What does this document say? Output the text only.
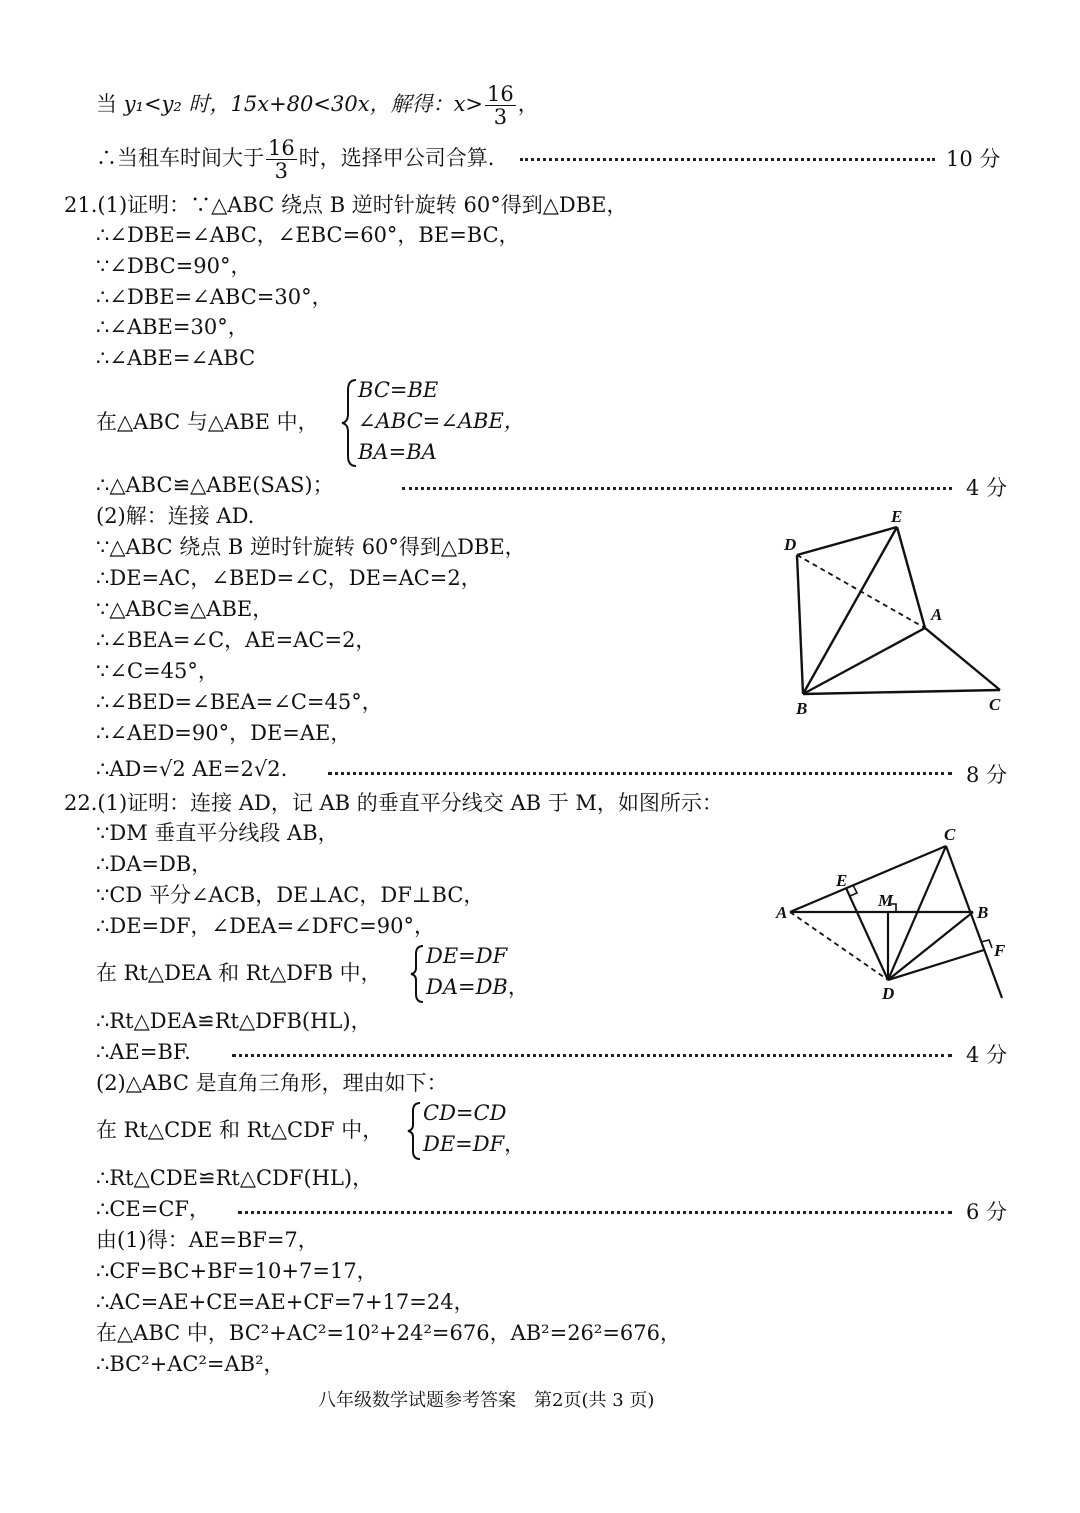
当 y₁<y₂ 时，15x+80<30x，解得：$x> \frac{16}{3}$ ，
∴当租车时间大于 $\frac{16}{3}$ 时，选择甲公司合算.	10 分
21.(1)证明：∵△ABC 绕点 B 逆时针旋转 60°得到△DBE，
∴∠DBE=∠ABC，∠EBC=60°，BE=BC，
∵∠DBC=90°，
∴∠DBE=∠ABC=30°，
∴∠ABE=30°，
∴∠ABE=∠ABC
在△ABC 与△ABE 中，
BC=BE
∠ABC=∠ABE，
BA=BA
∴△ABC≌△ABE(SAS)；	4 分
(2)解：连接 AD.
∵△ABC 绕点 B 逆时针旋转 60°得到△DBE，
∴DE=AC，∠BED=∠C，DE=AC=2，
∵△ABC≌△ABE，
∴∠BEA=∠C，AE=AC=2，
∵∠C=45°，
∴∠BED=∠BEA=∠C=45°，
∴∠AED=90°，DE=AE，
∴AD=√2 AE=2√2.	8 分
D
E
A
B	C
22.(1)证明：连接 AD，记 AB 的垂直平分线交 AB 于 M，如图所示：
∵DM 垂直平分线段 AB，
∴DA=DB，
∵CD 平分∠ACB，DE⊥AC，DF⊥BC，
∴DE=DF，∠DEA=∠DFC=90°，
在 Rt△DEA 和 Rt△DFB 中，
DE=DF
DA=DB，
∴Rt△DEA≌Rt△DFB(HL)，
∴AE=BF.	4 分
(2)△ABC 是直角三角形，理由如下：
在 Rt△CDE 和 Rt△CDF 中，
CD=CD
DE=DF，
∴Rt△CDE≌Rt△CDF(HL)，
∴CE=CF，	6 分
由(1)得：AE=BF=7，
∴CF=BC+BF=10+7=17，
∴AC=AE+CE=AE+CF=7+17=24，
在△ABC 中，BC²+AC²=10²+24²=676，AB²=26²=676，
∴BC²+AC²=AB²，
C
E
M
A	B
F
D
八年级数学试题参考答案　第2页(共 3 页)
